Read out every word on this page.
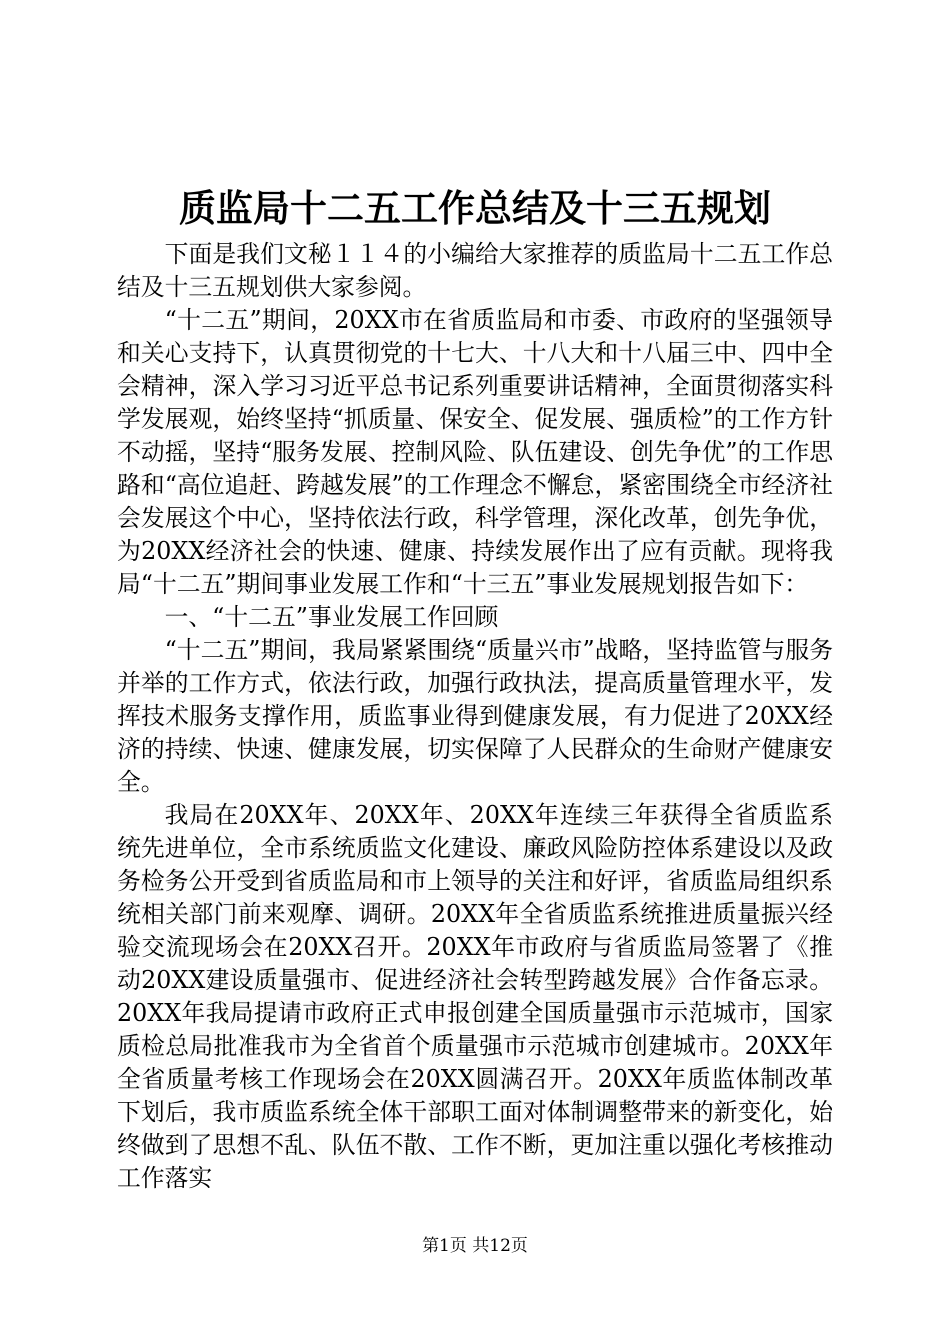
质监局十二五工作总结及十三五规划

下面是我们文秘１１４的小编给大家推荐的质监局十二五工作总结及十三五规划供大家参阅。

“十二五”期间，20XX市在省质监局和市委、市政府的坚强领导和关心支持下，认真贯彻党的十七大、十八大和十八届三中、四中全会精神，深入学习习近平总书记系列重要讲话精神，全面贯彻落实科学发展观，始终坚持“抓质量、保安全、促发展、强质检”的工作方针不动摇，坚持“服务发展、控制风险、队伍建设、创先争优”的工作思路和“高位追赶、跨越发展”的工作理念不懈怠，紧密围绕全市经济社会发展这个中心，坚持依法行政，科学管理，深化改革，创先争优，为20XX经济社会的快速、健康、持续发展作出了应有贡献。现将我局“十二五”期间事业发展工作和“十三五”事业发展规划报告如下：

一、“十二五”事业发展工作回顾

“十二五”期间，我局紧紧围绕“质量兴市”战略，坚持监管与服务并举的工作方式，依法行政，加强行政执法，提高质量管理水平，发挥技术服务支撑作用，质监事业得到健康发展，有力促进了20XX经济的持续、快速、健康发展，切实保障了人民群众的生命财产健康安全。

我局在20XX年、20XX年、20XX年连续三年获得全省质监系统先进单位，全市系统质监文化建设、廉政风险防控体系建设以及政务检务公开受到省质监局和市上领导的关注和好评，省质监局组织系统相关部门前来观摩、调研。20XX年全省质监系统推进质量振兴经验交流现场会在20XX召开。20XX年市政府与省质监局签署了《推动20XX建设质量强市、促进经济社会转型跨越发展》合作备忘录。20XX年我局提请市政府正式申报创建全国质量强市示范城市，国家质检总局批准我市为全省首个质量强市示范城市创建城市。20XX年全省质量考核工作现场会在20XX圆满召开。20XX年质监体制改革下划后，我市质监系统全体干部职工面对体制调整带来的新变化，始终做到了思想不乱、队伍不散、工作不断，更加注重以强化考核推动工作落实

第1页 共12页
